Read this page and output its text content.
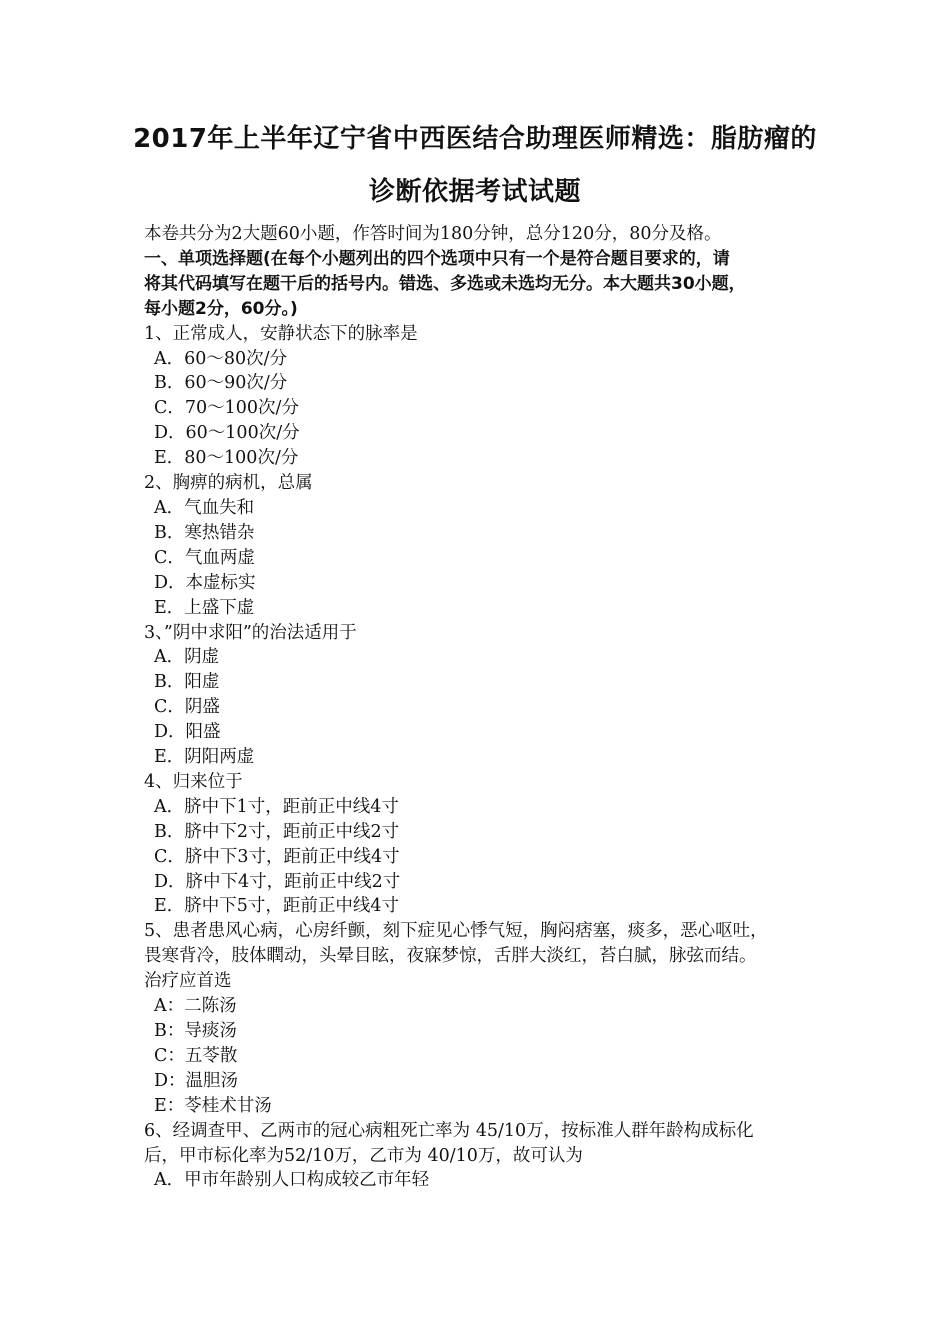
2017年上半年辽宁省中西医结合助理医师精选：脂肪瘤的
诊断依据考试试题
本卷共分为2大题60小题，作答时间为180分钟，总分120分，80分及格。
一、单项选择题(在每个小题列出的四个选项中只有一个是符合题目要求的，请
将其代码填写在题干后的括号内。错选、多选或未选均无分。本大题共30小题，
每小题2分，60分。)
1、正常成人，安静状态下的脉率是
A．60～80次/分
B．60～90次/分
C．70～100次/分
D．60～100次/分
E．80～100次/分
2、胸痹的病机，总属
A．气血失和
B．寒热错杂
C．气血两虚
D．本虚标实
E．上盛下虚
3、”阴中求阳”的治法适用于
A．阴虚
B．阳虚
C．阴盛
D．阳盛
E．阴阳两虚
4、归来位于
A．脐中下1寸，距前正中线4寸
B．脐中下2寸，距前正中线2寸
C．脐中下3寸，距前正中线4寸
D．脐中下4寸，距前正中线2寸
E．脐中下5寸，距前正中线4寸
5、患者患风心病，心房纤颤，刻下症见心悸气短，胸闷痞塞，痰多，恶心呕吐，
畏寒背冷，肢体瞤动，头晕目眩，夜寐梦惊，舌胖大淡红，苔白腻，脉弦而结。
治疗应首选
A：二陈汤
B：导痰汤
C：五苓散
D：温胆汤
E：苓桂术甘汤
6、经调查甲、乙两市的冠心病粗死亡率为 45/10万，按标准人群年龄构成标化
后，甲市标化率为52/10万，乙市为 40/10万，故可认为
A．甲市年龄别人口构成较乙市年轻
